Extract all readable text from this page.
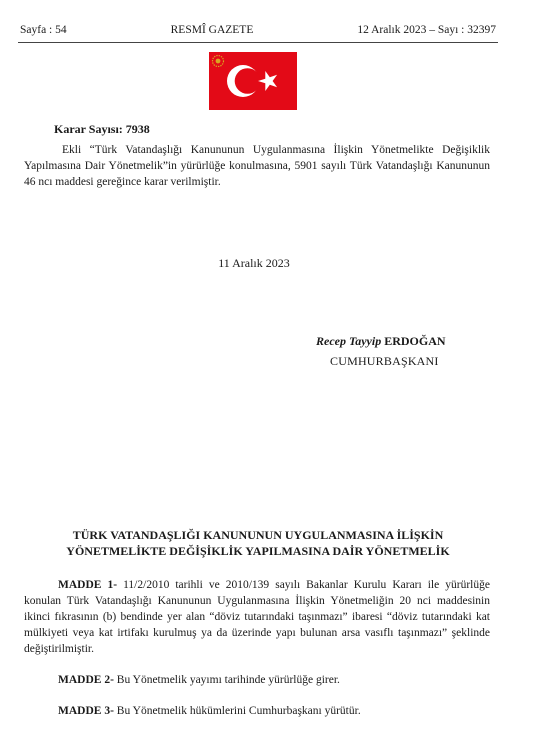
Sayfa : 54	RESMÎ GAZETE	12 Aralık 2023 – Sayı : 32397
Karar Sayısı: 7938

Ekli “Türk Vatandaşlığı Kanununun Uygulanmasına İlişkin Yönetmelikte Değişiklik Yapılmasına Dair Yönetmelik”in yürürlüğe konulmasına, 5901 sayılı Türk Vatandaşlığı Kanununun 46 ncı maddesi gereğince karar verilmiştir.

11 Aralık 2023
Recep Tayyip ERDOĞAN
CUMHURBAŞKANI
TÜRK VATANDAŞLIĞI KANUNUNUN UYGULANMASINA İLİŞKİN
YÖNETMELİKTE DEĞİŞİKLİK YAPILMASINA DAİR YÖNETMELİK

MADDE 1- 11/2/2010 tarihli ve 2010/139 sayılı Bakanlar Kurulu Kararı ile yürürlüğe konulan Türk Vatandaşlığı Kanununun Uygulanmasına İlişkin Yönetmeliğin 20 nci maddesinin ikinci fıkrasının (b) bendinde yer alan “döviz tutarındaki taşınmazı” ibaresi “döviz tutarındaki kat mülkiyeti veya kat irtifakı kurulmuş ya da üzerinde yapı bulunan arsa vasıflı taşınmazı” şeklinde değiştirilmiştir.

MADDE 2- Bu Yönetmelik yayımı tarihinde yürürlüğe girer.

MADDE 3- Bu Yönetmelik hükümlerini Cumhurbaşkanı yürütür.
